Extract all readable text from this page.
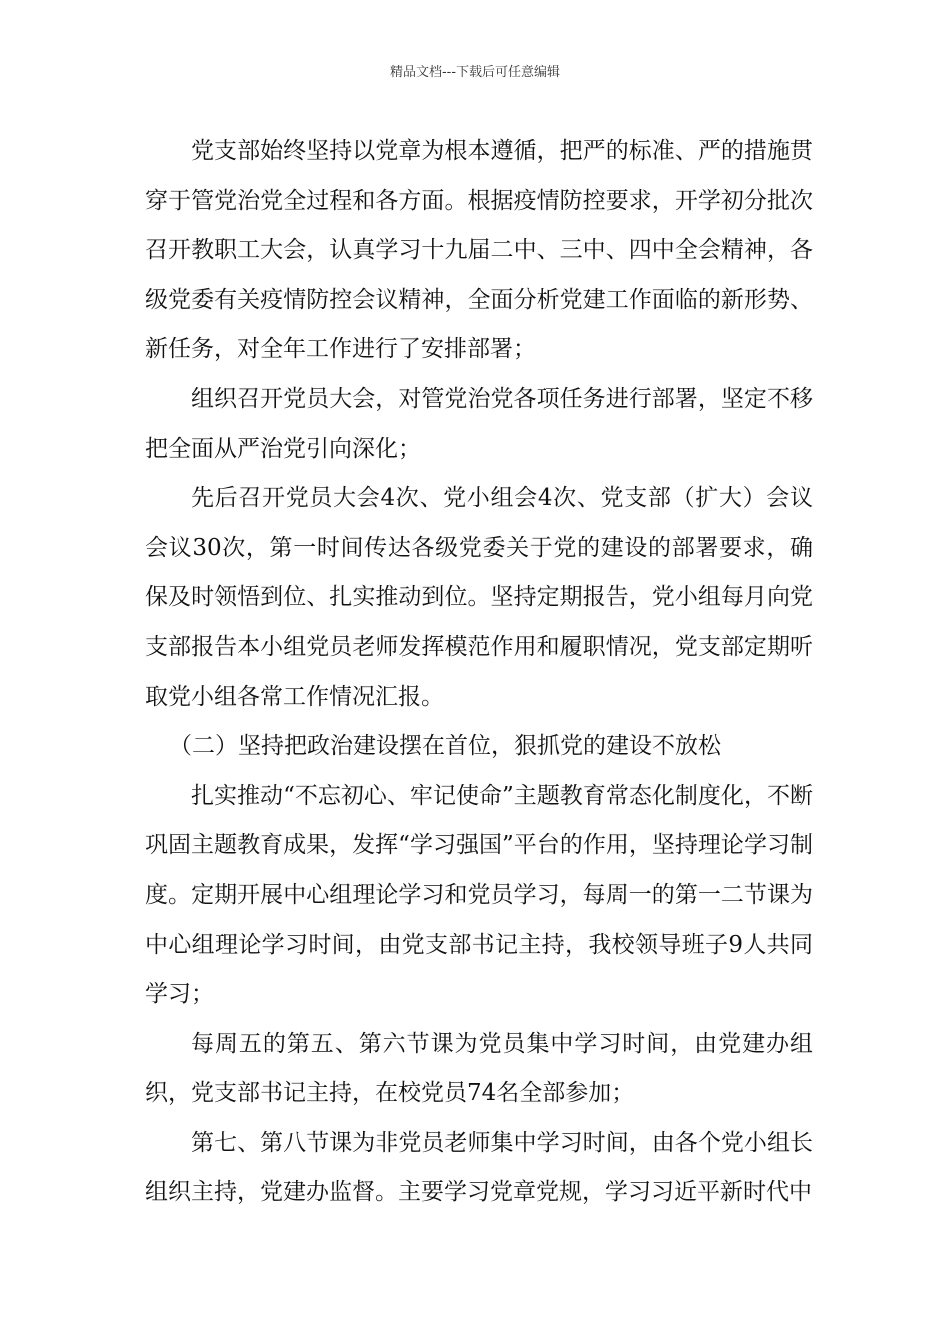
精品文档---下载后可任意编辑

党支部始终坚持以党章为根本遵循，把严的标准、严的措施贯穿于管党治党全过程和各方面。根据疫情防控要求，开学初分批次召开教职工大会，认真学习十九届二中、三中、四中全会精神，各级党委有关疫情防控会议精神，全面分析党建工作面临的新形势、新任务，对全年工作进行了安排部署；

组织召开党员大会，对管党治党各项任务进行部署，坚定不移把全面从严治党引向深化；

先后召开党员大会4次、党小组会4次、党支部（扩大）会议会议30次，第一时间传达各级党委关于党的建设的部署要求，确保及时领悟到位、扎实推动到位。坚持定期报告，党小组每月向党支部报告本小组党员老师发挥模范作用和履职情况，党支部定期听取党小组各常工作情况汇报。

（二）坚持把政治建设摆在首位，狠抓党的建设不放松

扎实推动“不忘初心、牢记使命”主题教育常态化制度化，不断巩固主题教育成果，发挥“学习强国”平台的作用，坚持理论学习制度。定期开展中心组理论学习和党员学习，每周一的第一二节课为中心组理论学习时间，由党支部书记主持，我校领导班子9人共同学习；

每周五的第五、第六节课为党员集中学习时间，由党建办组织，党支部书记主持，在校党员74名全部参加；

第七、第八节课为非党员老师集中学习时间，由各个党小组长组织主持，党建办监督。主要学习党章党规，学习习近平新时代中
